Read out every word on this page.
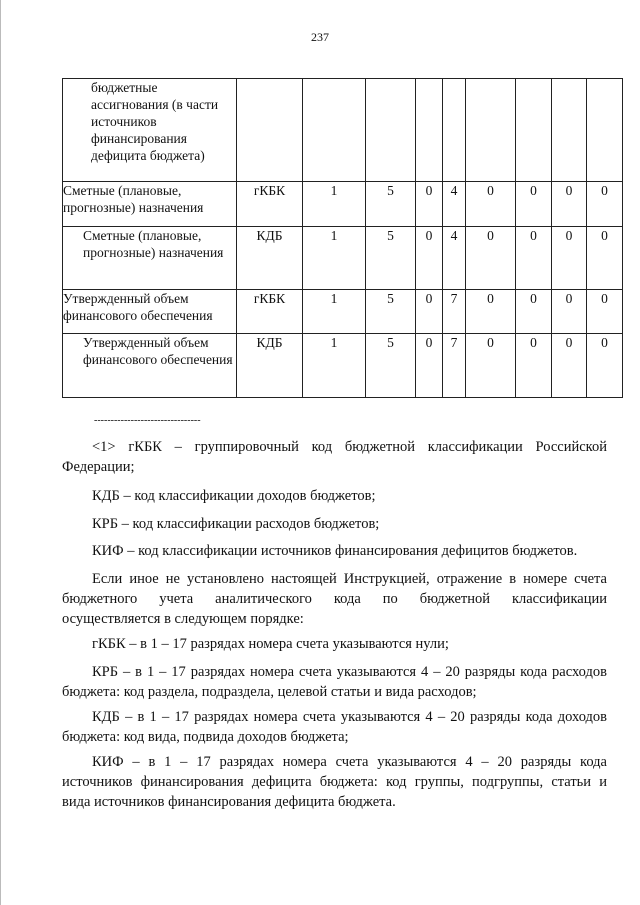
237
бюджетные ассигнования (в части источников финансирования дефицита бюджета)									
Сметные (плановые, прогнозные) назначения	гКБК	1	5	0	4	0	0	0	0
Сметные (плановые, прогнозные) назначения	КДБ	1	5	0	4	0	0	0	0
Утвержденный объем финансового обеспечения	гКБК	1	5	0	7	0	0	0	0
Утвержденный объем финансового обеспечения	КДБ	1	5	0	7	0	0	0	0
--------------------------------
<1> гКБК – группировочный код бюджетной классификации Российской
Федерации;
КДБ – код классификации доходов бюджетов;
КРБ – код классификации расходов бюджетов;
КИФ – код классификации источников финансирования дефицитов бюджетов.
Если иное не установлено настоящей Инструкцией, отражение в номере счета
бюджетного учета аналитического кода по бюджетной классификации
осуществляется в следующем порядке:
гКБК – в 1 – 17 разрядах номера счета указываются нули;
КРБ – в 1 – 17 разрядах номера счета указываются 4 – 20 разряды кода расходов
бюджета: код раздела, подраздела, целевой статьи и вида расходов;
КДБ – в 1 – 17 разрядах номера счета указываются 4 – 20 разряды кода доходов
бюджета: код вида, подвида доходов бюджета;
КИФ – в 1 – 17 разрядах номера счета указываются 4 – 20 разряды кода
источников финансирования дефицита бюджета: код группы, подгруппы, статьи и
вида источников финансирования дефицита бюджета.
